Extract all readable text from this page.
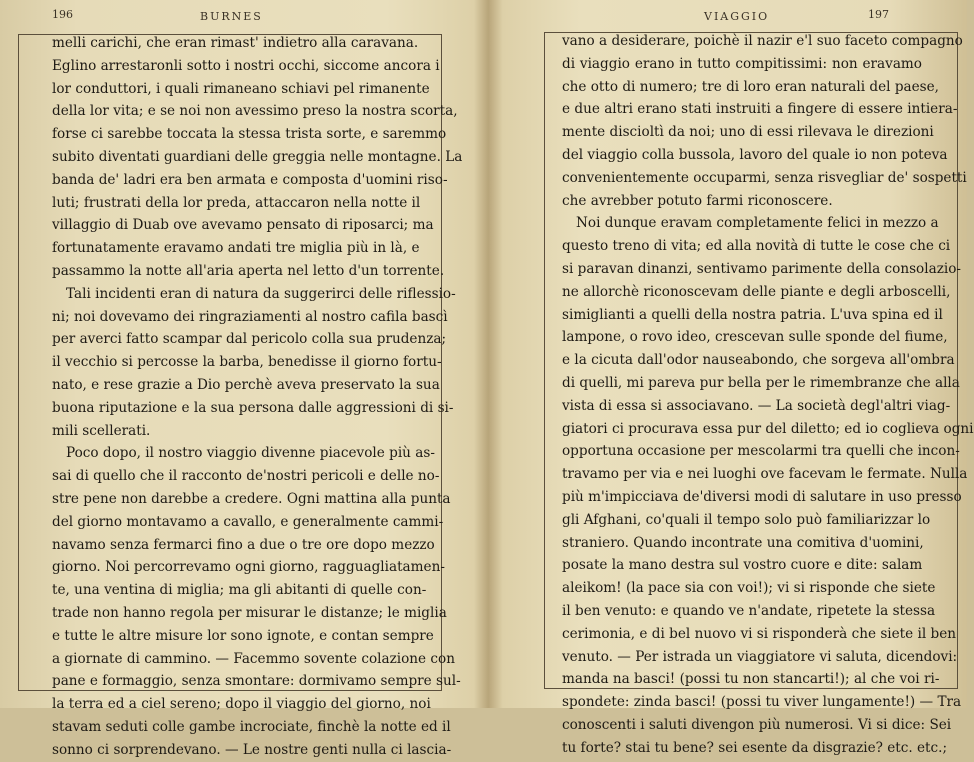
196	BURNES
melli carichi, che eran rimast' indietro alla caravana.
Eglino arrestaronli sotto i nostri occhi, siccome ancora i
lor conduttori, i quali rimaneano schiavi pel rimanente
della lor vita; e se noi non avessimo preso la nostra scorta,
forse ci sarebbe toccata la stessa trista sorte, e saremmo
subito diventati guardiani delle greggia nelle montagne. La
banda de' ladri era ben armata e composta d'uomini riso-
luti; frustrati della lor preda, attaccaron nella notte il
villaggio di Duab ove avevamo pensato di riposarci; ma
fortunatamente eravamo andati tre miglia più in là, e
passammo la notte all'aria aperta nel letto d'un torrente.
Tali incidenti eran di natura da suggerirci delle riflessio-
ni; noi dovevamo dei ringraziamenti al nostro cafila bascì
per averci fatto scampar dal pericolo colla sua prudenza;
il vecchio si percosse la barba, benedisse il giorno fortu-
nato, e rese grazie a Dio perchè aveva preservato la sua
buona riputazione e la sua persona dalle aggressioni di si-
mili scellerati.
Poco dopo, il nostro viaggio divenne piacevole più as-
sai di quello che il racconto de'nostri pericoli e delle no-
stre pene non darebbe a credere. Ogni mattina alla punta
del giorno montavamo a cavallo, e generalmente cammi-
navamo senza fermarci fino a due o tre ore dopo mezzo
giorno. Noi percorrevamo ogni giorno, ragguagliatamen-
te, una ventina di miglia; ma gli abitanti di quelle con-
trade non hanno regola per misurar le distanze; le miglia
e tutte le altre misure lor sono ignote, e contan sempre
a giornate di cammino. — Facemmo sovente colazione con
pane e formaggio, senza smontare: dormivamo sempre sul-
la terra ed a ciel sereno; dopo il viaggio del giorno, noi
stavam seduti colle gambe incrociate, finchè la notte ed il
sonno ci sorprendevano. — Le nostre genti nulla ci lascia-
VIAGGIO	197
vano a desiderare, poichè il nazir e'l suo faceto compagno
di viaggio erano in tutto compitissimi: non eravamo
che otto di numero; tre di loro eran naturali del paese,
e due altri erano stati instruiti a fingere di essere intiera-
mente discioltì da noi; uno di essi rilevava le direzioni
del viaggio colla bussola, lavoro del quale io non poteva
convenientemente occuparmi, senza risvegliar de' sospetti
che avrebber potuto farmi riconoscere.
Noi dunque eravam completamente felici in mezzo a
questo treno di vita; ed alla novità di tutte le cose che ci
si paravan dinanzi, sentivamo parimente della consolazio-
ne allorchè riconoscevam delle piante e degli arboscelli,
simiglianti a quelli della nostra patria. L'uva spina ed il
lampone, o rovo ideo, crescevan sulle sponde del fiume,
e la cicuta dall'odor nauseabondo, che sorgeva all'ombra
di quelli, mi pareva pur bella per le rimembranze che alla
vista di essa si associavano. — La società degl'altri viag-
giatori ci procurava essa pur del diletto; ed io coglieva ogni
opportuna occasione per mescolarmi tra quelli che incon-
travamo per via e nei luoghi ove facevam le fermate. Nulla
più m'impicciava de'diversi modi di salutare in uso presso
gli Afghani, co'quali il tempo solo può familiarizzar lo
straniero. Quando incontrate una comitiva d'uomini,
posate la mano destra sul vostro cuore e dite: salam
aleikom! (la pace sia con voi!); vi si risponde che siete
il ben venuto: e quando ve n'andate, ripetete la stessa
cerimonia, e di bel nuovo vi si risponderà che siete il ben
venuto. — Per istrada un viaggiatore vi saluta, dicendovi:
manda na basci! (possi tu non stancarti!); al che voi ri-
spondete: zinda basci! (possi tu viver lungamente!) — Tra
conoscenti i saluti divengon più numerosi. Vi si dice: Sei
tu forte? stai tu bene? sei esente da disgrazie? etc. etc.;
